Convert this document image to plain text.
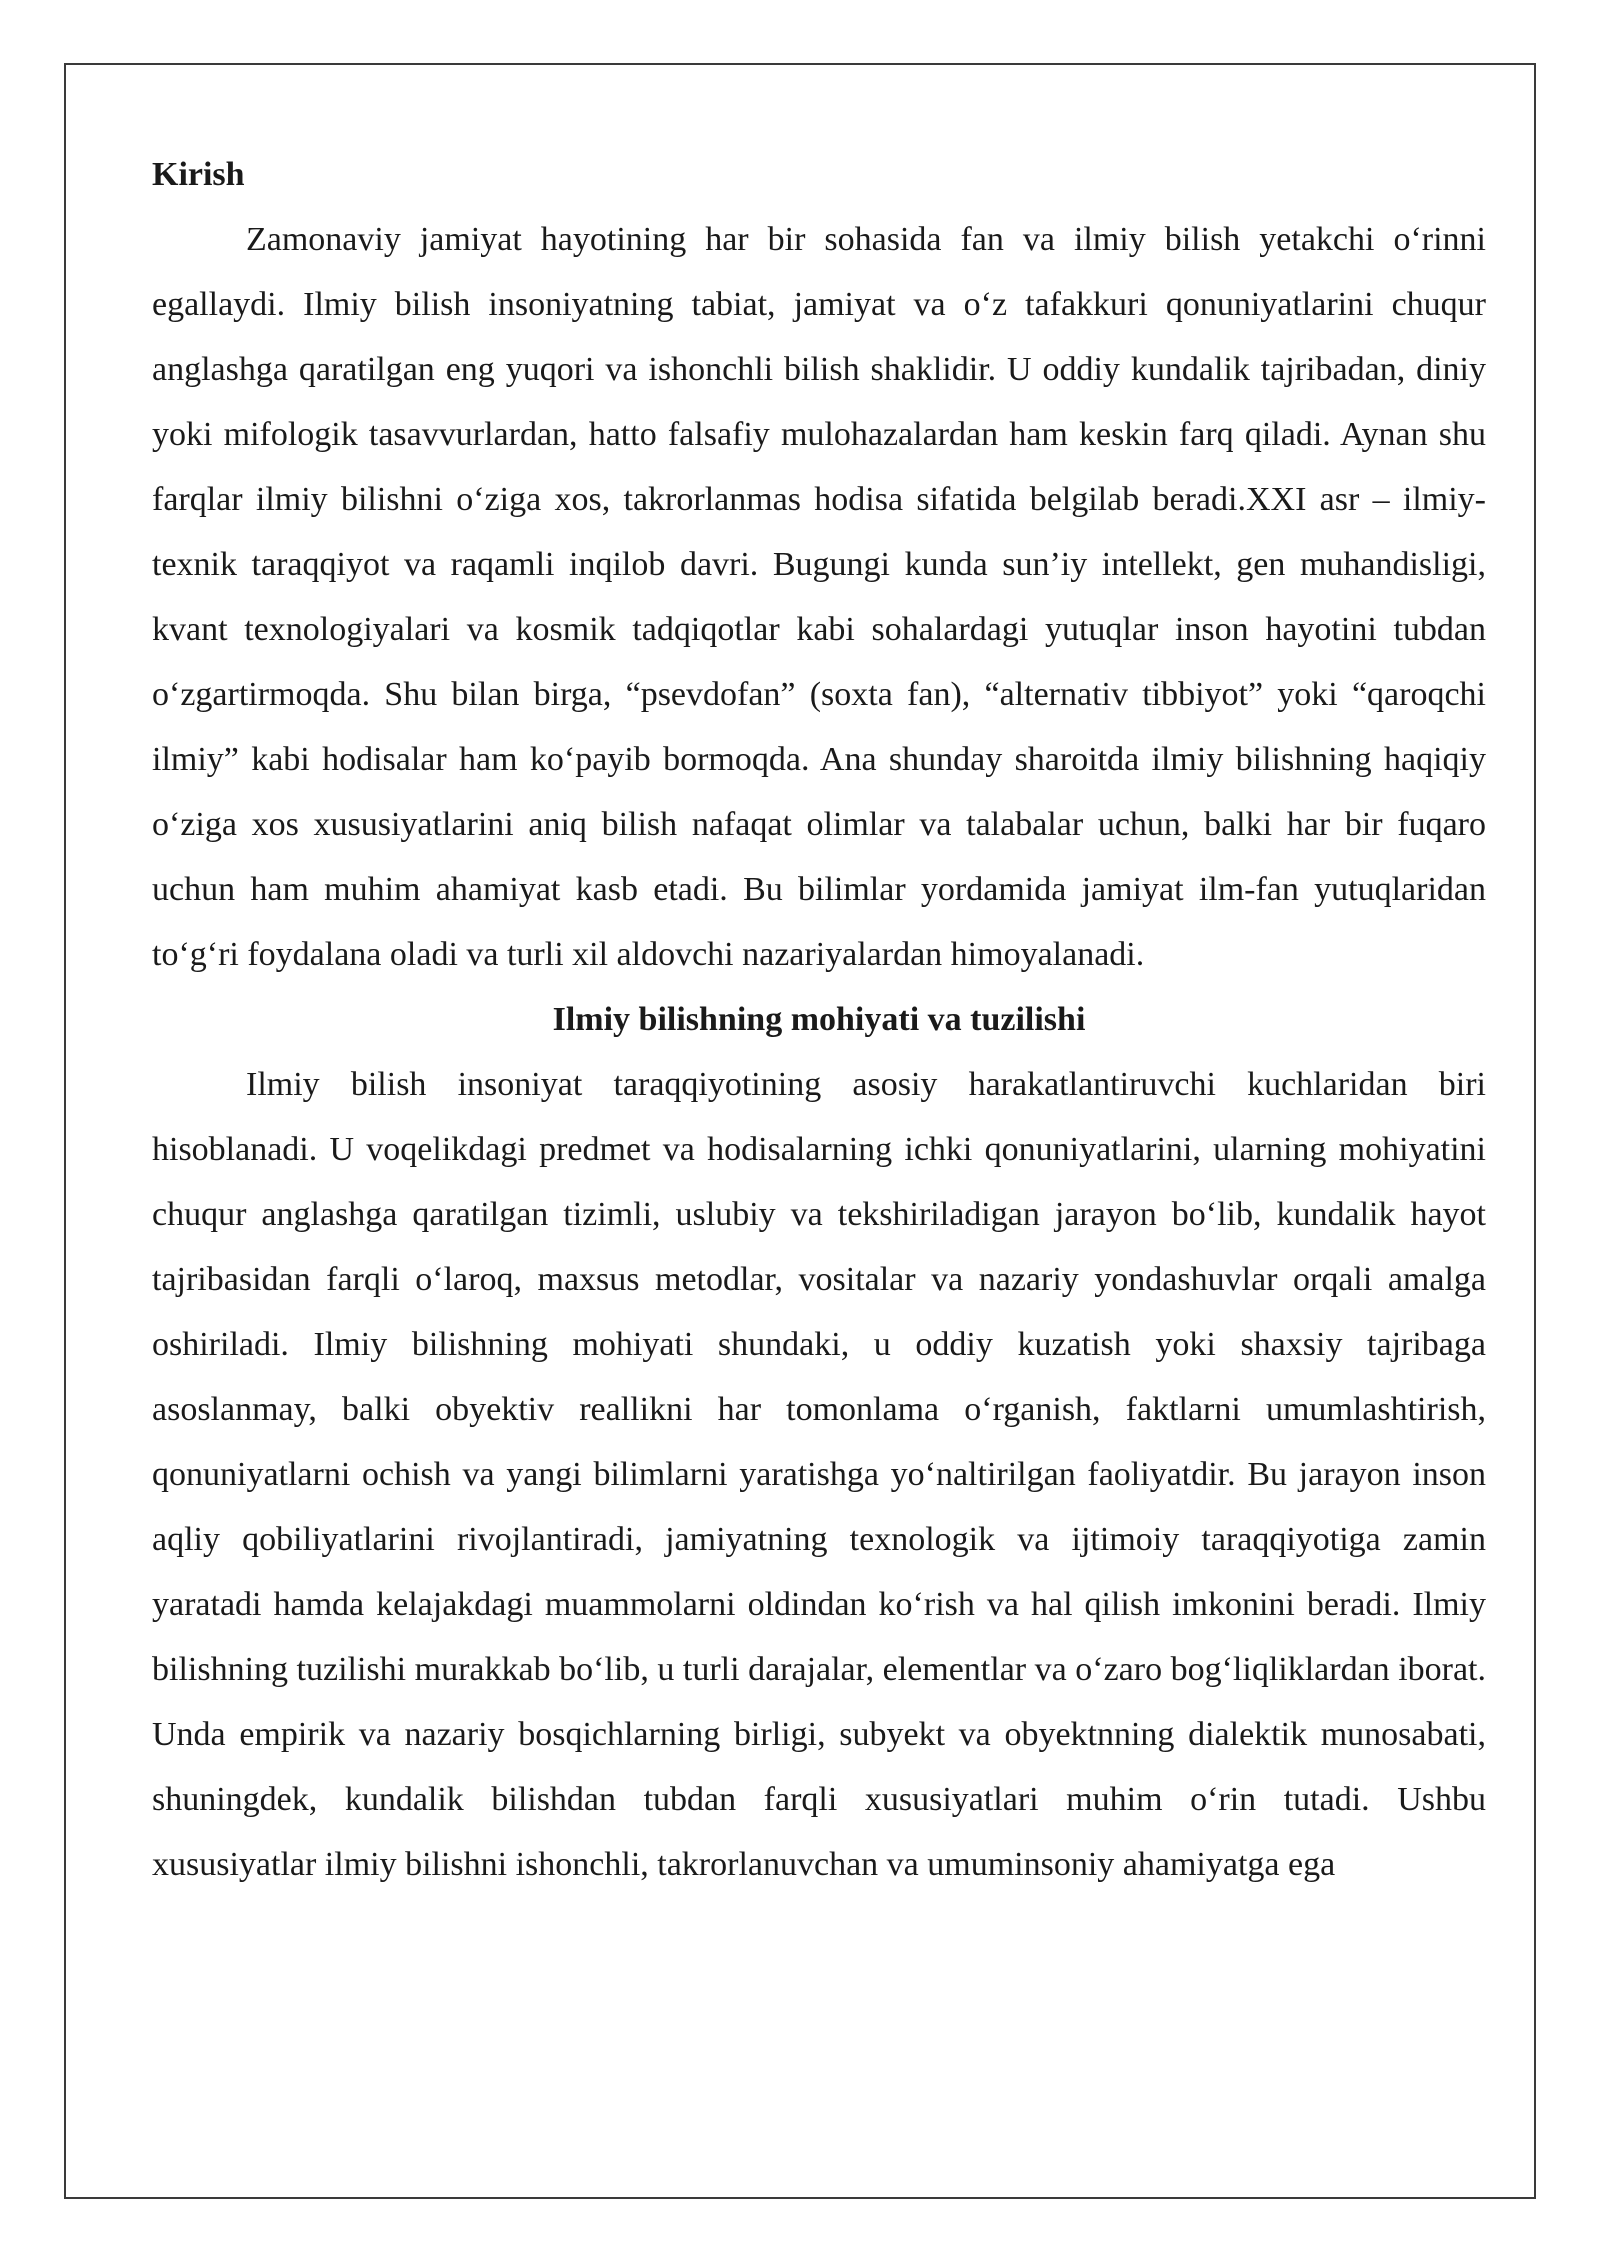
Kirish

Zamonaviy jamiyat hayotining har bir sohasida fan va ilmiy bilish yetakchi o‘rinni egallaydi. Ilmiy bilish insoniyatning tabiat, jamiyat va o‘z tafakkuri qonuniyatlarini chuqur anglashga qaratilgan eng yuqori va ishonchli bilish shaklidir. U oddiy kundalik tajribadan, diniy yoki mifologik tasavvurlardan, hatto falsafiy mulohazalardan ham keskin farq qiladi. Aynan shu farqlar ilmiy bilishni o‘ziga xos, takrorlanmas hodisa sifatida belgilab beradi.XXI asr – ilmiy-texnik taraqqiyot va raqamli inqilob davri. Bugungi kunda sun’iy intellekt, gen muhandisligi, kvant texnologiyalari va kosmik tadqiqotlar kabi sohalardagi yutuqlar inson hayotini tubdan o‘zgartirmoqda. Shu bilan birga, “psevdofan” (soxta fan), “alternativ tibbiyot” yoki “qaroqchi ilmiy” kabi hodisalar ham ko‘payib bormoqda. Ana shunday sharoitda ilmiy bilishning haqiqiy o‘ziga xos xususiyatlarini aniq bilish nafaqat olimlar va talabalar uchun, balki har bir fuqaro uchun ham muhim ahamiyat kasb etadi. Bu bilimlar yordamida jamiyat ilm-fan yutuqlaridan to‘g‘ri foydalana oladi va turli xil aldovchi nazariyalardan himoyalanadi.

Ilmiy bilishning mohiyati va tuzilishi

Ilmiy bilish insoniyat taraqqiyotining asosiy harakatlantiruvchi kuchlaridan biri hisoblanadi. U voqelikdagi predmet va hodisalarning ichki qonuniyatlarini, ularning mohiyatini chuqur anglashga qaratilgan tizimli, uslubiy va tekshiriladigan jarayon bo‘lib, kundalik hayot tajribasidan farqli o‘laroq, maxsus metodlar, vositalar va nazariy yondashuvlar orqali amalga oshiriladi. Ilmiy bilishning mohiyati shundaki, u oddiy kuzatish yoki shaxsiy tajribaga asoslanmay, balki obyektiv reallikni har tomonlama o‘rganish, faktlarni umumlashtirish, qonuniyatlarni ochish va yangi bilimlarni yaratishga yo‘naltirilgan faoliyatdir. Bu jarayon inson aqliy qobiliyatlarini rivojlantiradi, jamiyatning texnologik va ijtimoiy taraqqiyotiga zamin yaratadi hamda kelajakdagi muammolarni oldindan ko‘rish va hal qilish imkonini beradi. Ilmiy bilishning tuzilishi murakkab bo‘lib, u turli darajalar, elementlar va o‘zaro bog‘liqliklardan iborat. Unda empirik va nazariy bosqichlarning birligi, subyekt va obyektnning dialektik munosabati, shuningdek, kundalik bilishdan tubdan farqli xususiyatlari muhim o‘rin tutadi. Ushbu xususiyatlar ilmiy bilishni ishonchli, takrorlanuvchan va umuminsoniy ahamiyatga ega
